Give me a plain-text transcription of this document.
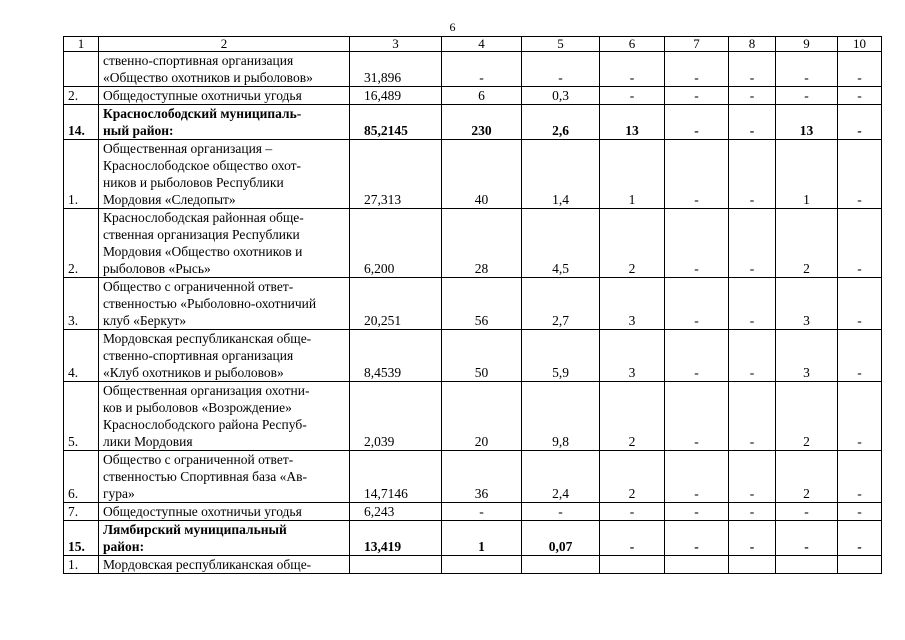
6
1	2	3	4	5	6	7	8	9	10

	ственно-спортивная организация
«Общество охотников и рыболовов»	31,896	-	-	-	-	-	-	-
2.	Общедоступные охотничьи угодья	16,489	6	0,3	-	-	-	-	-
14.	Краснослободский муниципаль-
ный район:	85,2145	230	2,6	13	-	-	13	-
1.	Общественная организация –
Краснослободское общество охот-
ников и рыболовов Республики
Мордовия «Следопыт»	27,313	40	1,4	1	-	-	1	-
2.	Краснослободская районная обще-
ственная организация Республики
Мордовия «Общество охотников и
рыболовов «Рысь»	6,200	28	4,5	2	-	-	2	-
3.	Общество с ограниченной ответ-
ственностью «Рыболовно-охотничий
клуб «Беркут»	20,251	56	2,7	3	-	-	3	-
4.	Мордовская республиканская обще-
ственно-спортивная организация
«Клуб охотников и рыболовов»	8,4539	50	5,9	3	-	-	3	-
5.	Общественная организация охотни-
ков и рыболовов «Возрождение»
Краснослободского района Респуб-
лики Мордовия	2,039	20	9,8	2	-	-	2	-
6.	Общество с ограниченной ответ-
ственностью Спортивная база «Ав-
гура»	14,7146	36	2,4	2	-	-	2	-
7.	Общедоступные охотничьи угодья	6,243	-	-	-	-	-	-	-
15.	Лямбирский муниципальный
район:	13,419	1	0,07	-	-	-	-	-
1.	Мордовская республиканская обще-								
